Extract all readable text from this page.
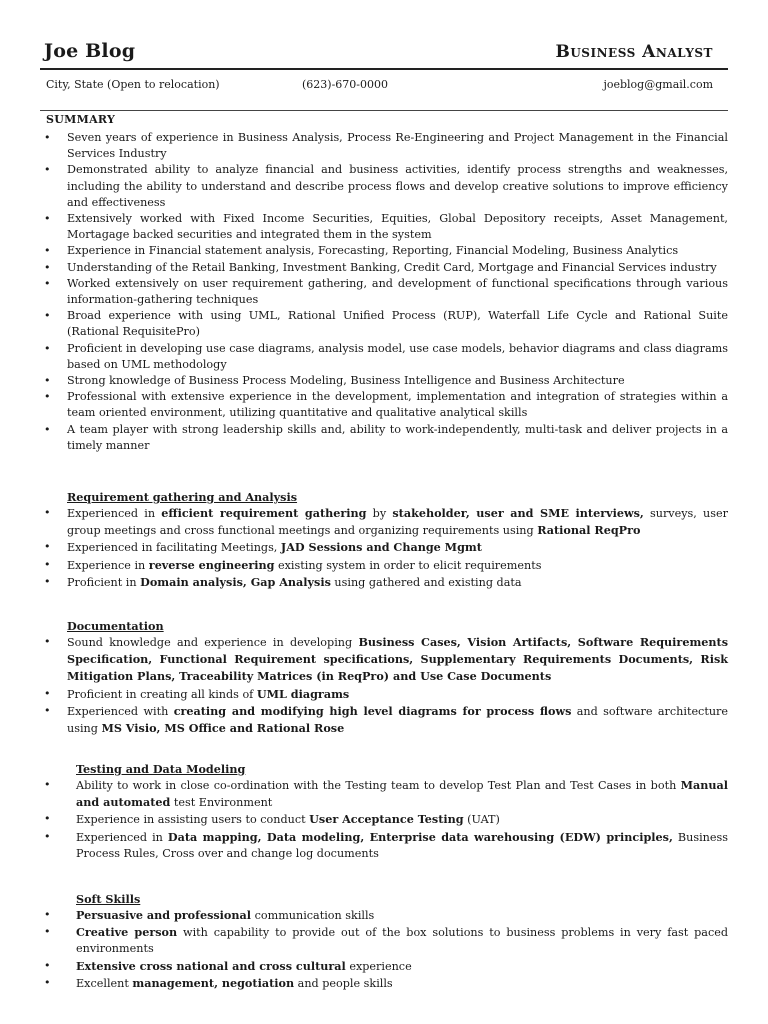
Joe Blog	Business Analyst
City, State (Open to relocation)	(623)-670-0000	joeblog@gmail.com
SUMMARY
• Seven years of experience in Business Analysis, Process Re-Engineering and Project Management in the Financial Services Industry
• Demonstrated ability to analyze financial and business activities, identify process strengths and weaknesses, including the ability to understand and describe process flows and develop creative solutions to improve efficiency and effectiveness
• Extensively worked with Fixed Income Securities, Equities, Global Depository receipts, Asset Management, Mortagage backed securities and integrated them in the system
• Experience in Financial statement analysis, Forecasting, Reporting, Financial Modeling, Business Analytics
• Understanding of the Retail Banking, Investment Banking, Credit Card, Mortgage and Financial Services industry
• Worked extensively on user requirement gathering, and development of functional specifications through various information-gathering techniques
• Broad experience with using UML, Rational Unified Process (RUP), Waterfall Life Cycle and Rational Suite (Rational RequisitePro)
• Proficient in developing use case diagrams, analysis model, use case models, behavior diagrams and class diagrams based on UML methodology
• Strong knowledge of Business Process Modeling, Business Intelligence and Business Architecture
• Professional with extensive experience in the development, implementation and integration of strategies within a team oriented environment, utilizing quantitative and qualitative analytical skills
• A team player with strong leadership skills and, ability to work-independently, multi-task and deliver projects in a timely manner
Requirement gathering and Analysis
• Experienced in efficient requirement gathering by stakeholder, user and SME interviews, surveys, user group meetings and cross functional meetings and organizing requirements using Rational ReqPro
• Experienced in facilitating Meetings, JAD Sessions and Change Mgmt
• Experience in reverse engineering existing system in order to elicit requirements
• Proficient in Domain analysis, Gap Analysis using gathered and existing data
Documentation
• Sound knowledge and experience in developing Business Cases, Vision Artifacts, Software Requirements Specification, Functional Requirement specifications, Supplementary Requirements Documents, Risk Mitigation Plans, Traceability Matrices (in ReqPro) and Use Case Documents
• Proficient in creating all kinds of UML diagrams
• Experienced with creating and modifying high level diagrams for process flows and software architecture using MS Visio, MS Office and Rational Rose
Testing and Data Modeling
• Ability to work in close co-ordination with the Testing team to develop Test Plan and Test Cases in both Manual and automated test Environment
• Experience in assisting users to conduct User Acceptance Testing (UAT)
• Experienced in Data mapping, Data modeling, Enterprise data warehousing (EDW) principles, Business Process Rules, Cross over and change log documents
Soft Skills
• Persuasive and professional communication skills
• Creative person with capability to provide out of the box solutions to business problems in very fast paced environments
• Extensive cross national and cross cultural experience
• Excellent management, negotiation and people skills
